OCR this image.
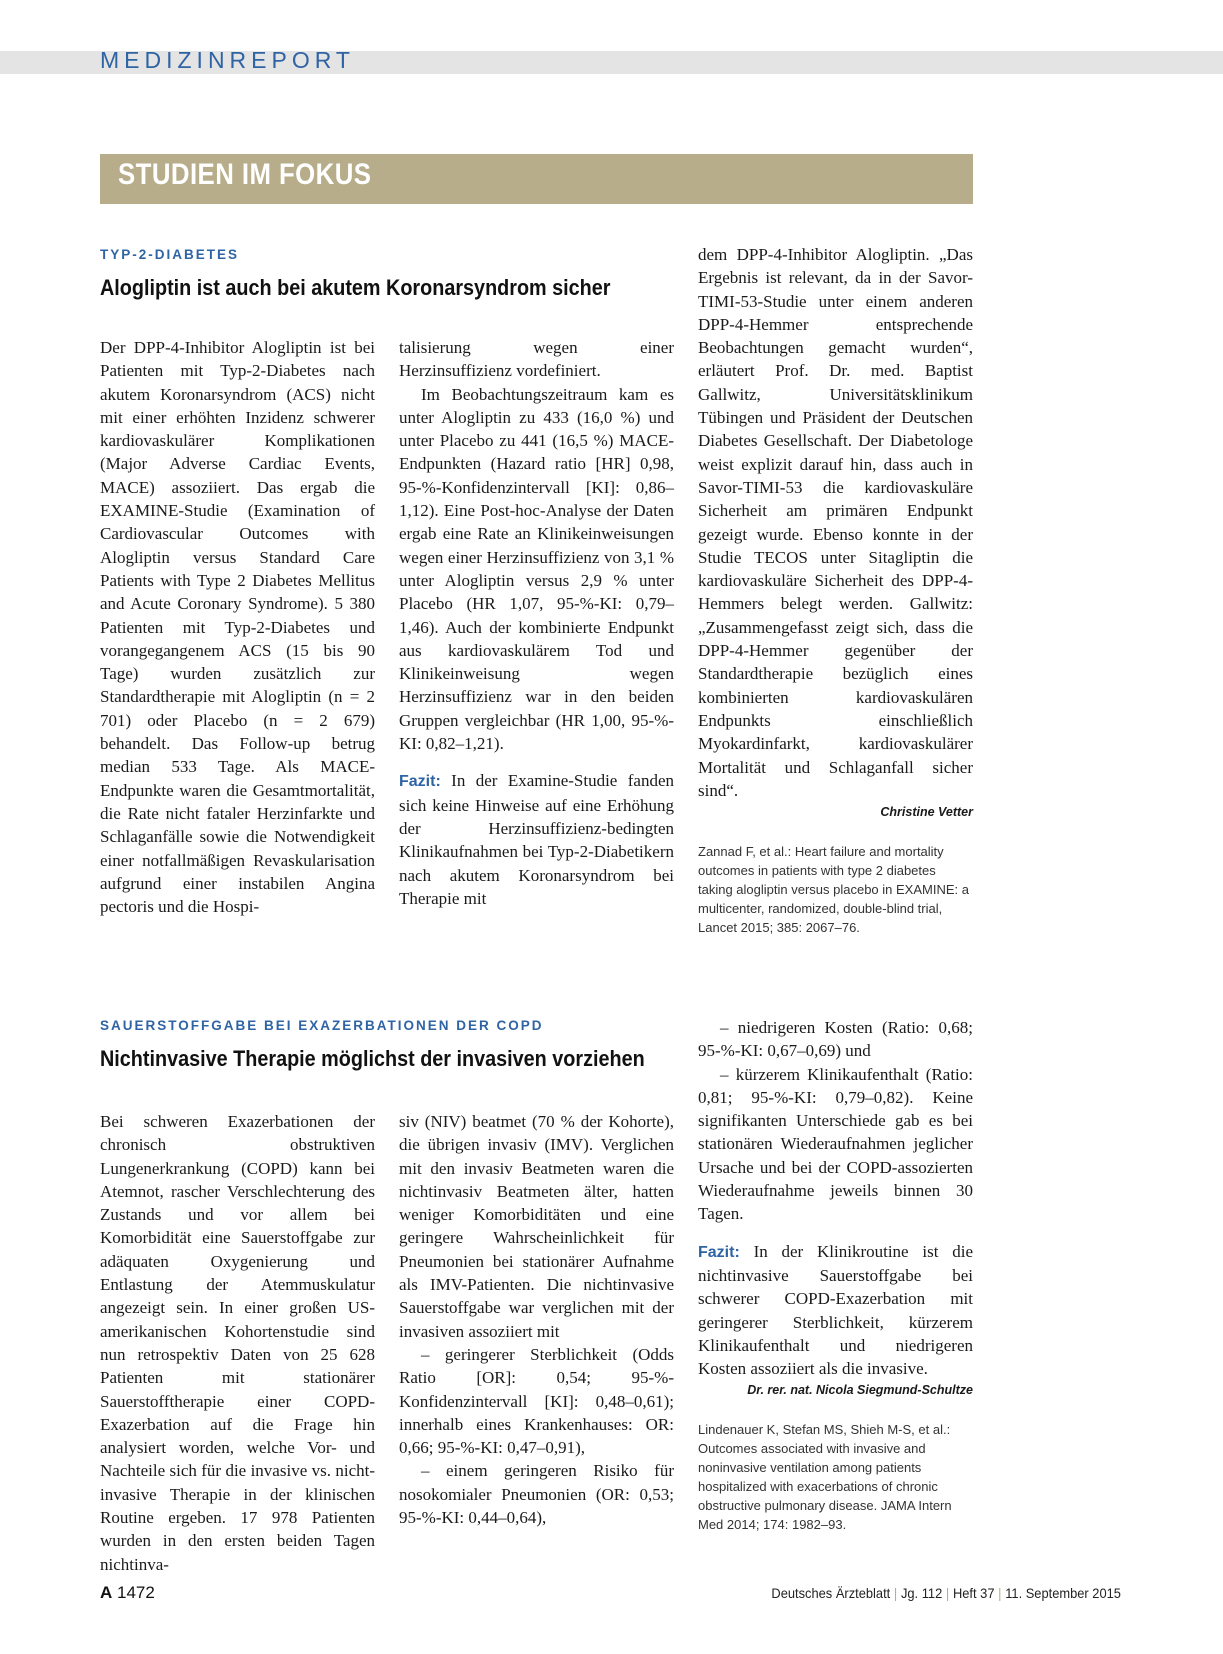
MEDIZINREPORT
STUDIEN IM FOKUS
TYP-2-DIABETES
Alogliptin ist auch bei akutem Koronarsyndrom sicher

Der DPP-4-Inhibitor Alogliptin ist bei Patienten mit Typ-2-Diabetes nach akutem Koronarsyndrom (ACS) nicht mit einer erhöhten Inzidenz schwerer kardiovaskulärer Komplikationen (Major Adverse Cardiac Events, MACE) assoziiert. Das ergab die EXAMINE-Studie (Examination of Cardiovascular Outcomes with Alogliptin versus Standard Care Patients with Type 2 Diabetes Mellitus and Acute Coronary Syndrome). 5 380 Patienten mit Typ-2-Diabetes und vorangegangenem ACS (15 bis 90 Tage) wurden zusätzlich zur Standardtherapie mit Alogliptin (n = 2 701) oder Placebo (n = 2 679) behandelt. Das Follow-up betrug median 533 Tage. Als MACE-Endpunkte waren die Gesamtmortalität, die Rate nicht fataler Herzinfarkte und Schlaganfälle sowie die Notwendigkeit einer notfallmäßigen Revaskularisation aufgrund einer instabilen Angina pectoris und die Hospi-

talisierung wegen einer Herzinsuffizienz vordefiniert.

Im Beobachtungszeitraum kam es unter Alogliptin zu 433 (16,0 %) und unter Placebo zu 441 (16,5 %) MACE-Endpunkten (Hazard ratio [HR] 0,98, 95-%-Konfidenzintervall [KI]: 0,86–1,12). Eine Post-hoc-Analyse der Daten ergab eine Rate an Klinikeinweisungen wegen einer Herzinsuffizienz von 3,1 % unter Alogliptin versus 2,9 % unter Placebo (HR 1,07, 95-%-KI: 0,79–1,46). Auch der kombinierte Endpunkt aus kardiovaskulärem Tod und Klinikeinweisung wegen Herzinsuffizienz war in den beiden Gruppen vergleichbar (HR 1,00, 95-%-KI: 0,82–1,21).

Fazit: In der Examine-Studie fanden sich keine Hinweise auf eine Erhöhung der Herzinsuffizienz-bedingten Klinikaufnahmen bei Typ-2-Diabetikern nach akutem Koronarsyndrom bei Therapie mit

dem DPP-4-Inhibitor Alogliptin. „Das Ergebnis ist relevant, da in der Savor-TIMI-53-Studie unter einem anderen DPP-4-Hemmer entsprechende Beobachtungen gemacht wurden“, erläutert Prof. Dr. med. Baptist Gallwitz, Universitätsklinikum Tübingen und Präsident der Deutschen Diabetes Gesellschaft. Der Diabetologe weist explizit darauf hin, dass auch in Savor-TIMI-53 die kardiovaskuläre Sicherheit am primären Endpunkt gezeigt wurde. Ebenso konnte in der Studie TECOS unter Sitagliptin die kardiovaskuläre Sicherheit des DPP-4-Hemmers belegt werden. Gallwitz: „Zusammengefasst zeigt sich, dass die DPP-4-Hemmer gegenüber der Standardtherapie bezüglich eines kombinierten kardiovaskulären Endpunkts einschließlich Myokardinfarkt, kardiovaskulärer Mortalität und Schlaganfall sicher sind“.

Christine Vetter

Zannad F, et al.: Heart failure and mortality outcomes in patients with type 2 diabetes taking alogliptin versus placebo in EXAMINE: a multicenter, randomized, double-blind trial, Lancet 2015; 385: 2067–76.

SAUERSTOFFGABE BEI EXAZERBATIONEN DER COPD
Nichtinvasive Therapie möglichst der invasiven vorziehen

Bei schweren Exazerbationen der chronisch obstruktiven Lungenerkrankung (COPD) kann bei Atemnot, rascher Verschlechterung des Zustands und vor allem bei Komorbidität eine Sauerstoffgabe zur adäquaten Oxygenierung und Entlastung der Atemmuskulatur angezeigt sein. In einer großen US-amerikanischen Kohortenstudie sind nun retrospektiv Daten von 25 628 Patienten mit stationärer Sauerstofftherapie einer COPD-Exazerbation auf die Frage hin analysiert worden, welche Vor- und Nachteile sich für die invasive vs. nicht-invasive Therapie in der klinischen Routine ergeben. 17 978 Patienten wurden in den ersten beiden Tagen nichtinva-

siv (NIV) beatmet (70 % der Kohorte), die übrigen invasiv (IMV). Verglichen mit den invasiv Beatmeten waren die nichtinvasiv Beatmeten älter, hatten weniger Komorbiditäten und eine geringere Wahrscheinlichkeit für Pneumonien bei stationärer Aufnahme als IMV-Patienten. Die nichtinvasive Sauerstoffgabe war verglichen mit der invasiven assoziiert mit

– geringerer Sterblichkeit (Odds Ratio [OR]: 0,54; 95-%-Konfidenzintervall [KI]: 0,48–0,61); innerhalb eines Krankenhauses: OR: 0,66; 95-%-KI: 0,47–0,91),

– einem geringeren Risiko für nosokomialer Pneumonien (OR: 0,53; 95-%-KI: 0,44–0,64),

– niedrigeren Kosten (Ratio: 0,68; 95-%-KI: 0,67–0,69) und

– kürzerem Klinikaufenthalt (Ratio: 0,81; 95-%-KI: 0,79–0,82). Keine signifikanten Unterschiede gab es bei stationären Wiederaufnahmen jeglicher Ursache und bei der COPD-assozierten Wiederaufnahme jeweils binnen 30 Tagen.

Fazit: In der Klinikroutine ist die nichtinvasive Sauerstoffgabe bei schwerer COPD-Exazerbation mit geringerer Sterblichkeit, kürzerem Klinikaufenthalt und niedrigeren Kosten assoziiert als die invasive.

Dr. rer. nat. Nicola Siegmund-Schultze

Lindenauer K, Stefan MS, Shieh M-S, et al.: Outcomes associated with invasive and noninvasive ventilation among patients hospitalized with exacerbations of chronic obstructive pulmonary disease. JAMA Intern Med 2014; 174: 1982–93.

A 1472	Deutsches Ärzteblatt | Jg. 112 | Heft 37 | 11. September 2015
